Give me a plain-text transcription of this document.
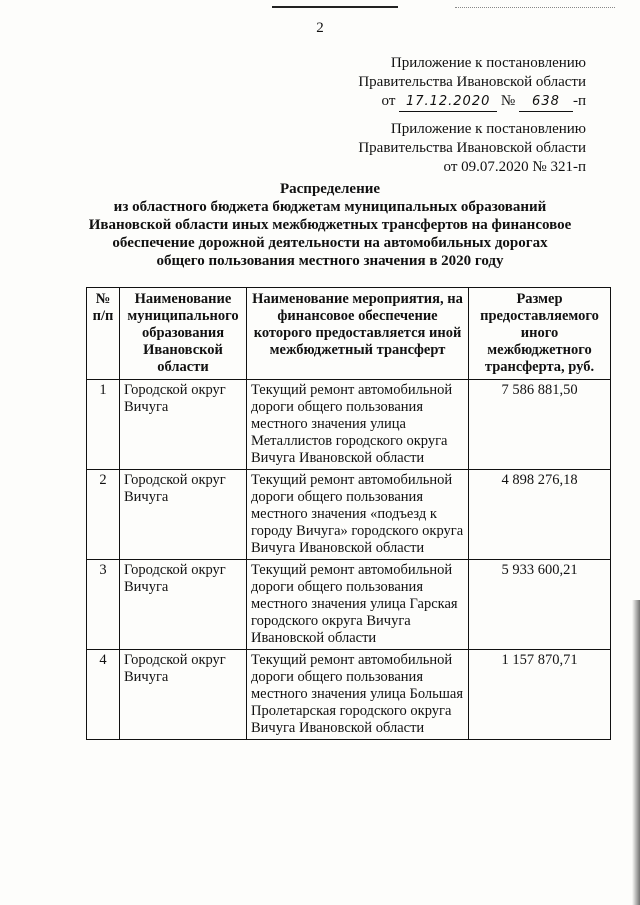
2
Приложение к постановлению
Правительства Ивановской области
от 17.12.2020 № 638 -п
Приложение к постановлению
Правительства Ивановской области
от 09.07.2020 № 321-п
Распределение
из областного бюджета бюджетам муниципальных образований
Ивановской области иных межбюджетных трансфертов на финансовое
обеспечение дорожной деятельности на автомобильных дорогах
общего пользования местного значения в 2020 году
№ п/п	Наименование муниципального образования Ивановской области	Наименование мероприятия, на финансовое обеспечение которого предоставляется иной межбюджетный трансферт	Размер предоставляемого иного межбюджетного трансферта, руб.
1	Городской округ Вичуга	Текущий ремонт автомобильной дороги общего пользования местного значения улица Металлистов городского округа Вичуга Ивановской области	7 586 881,50
2	Городской округ Вичуга	Текущий ремонт автомобильной дороги общего пользования местного значения «подъезд к городу Вичуга» городского округа Вичуга Ивановской области	4 898 276,18
3	Городской округ Вичуга	Текущий ремонт автомобильной дороги общего пользования местного значения улица Гарская городского округа Вичуга Ивановской области	5 933 600,21
4	Городской округ Вичуга	Текущий ремонт автомобильной дороги общего пользования местного значения улица Большая Пролетарская городского округа Вичуга Ивановской области	1 157 870,71
